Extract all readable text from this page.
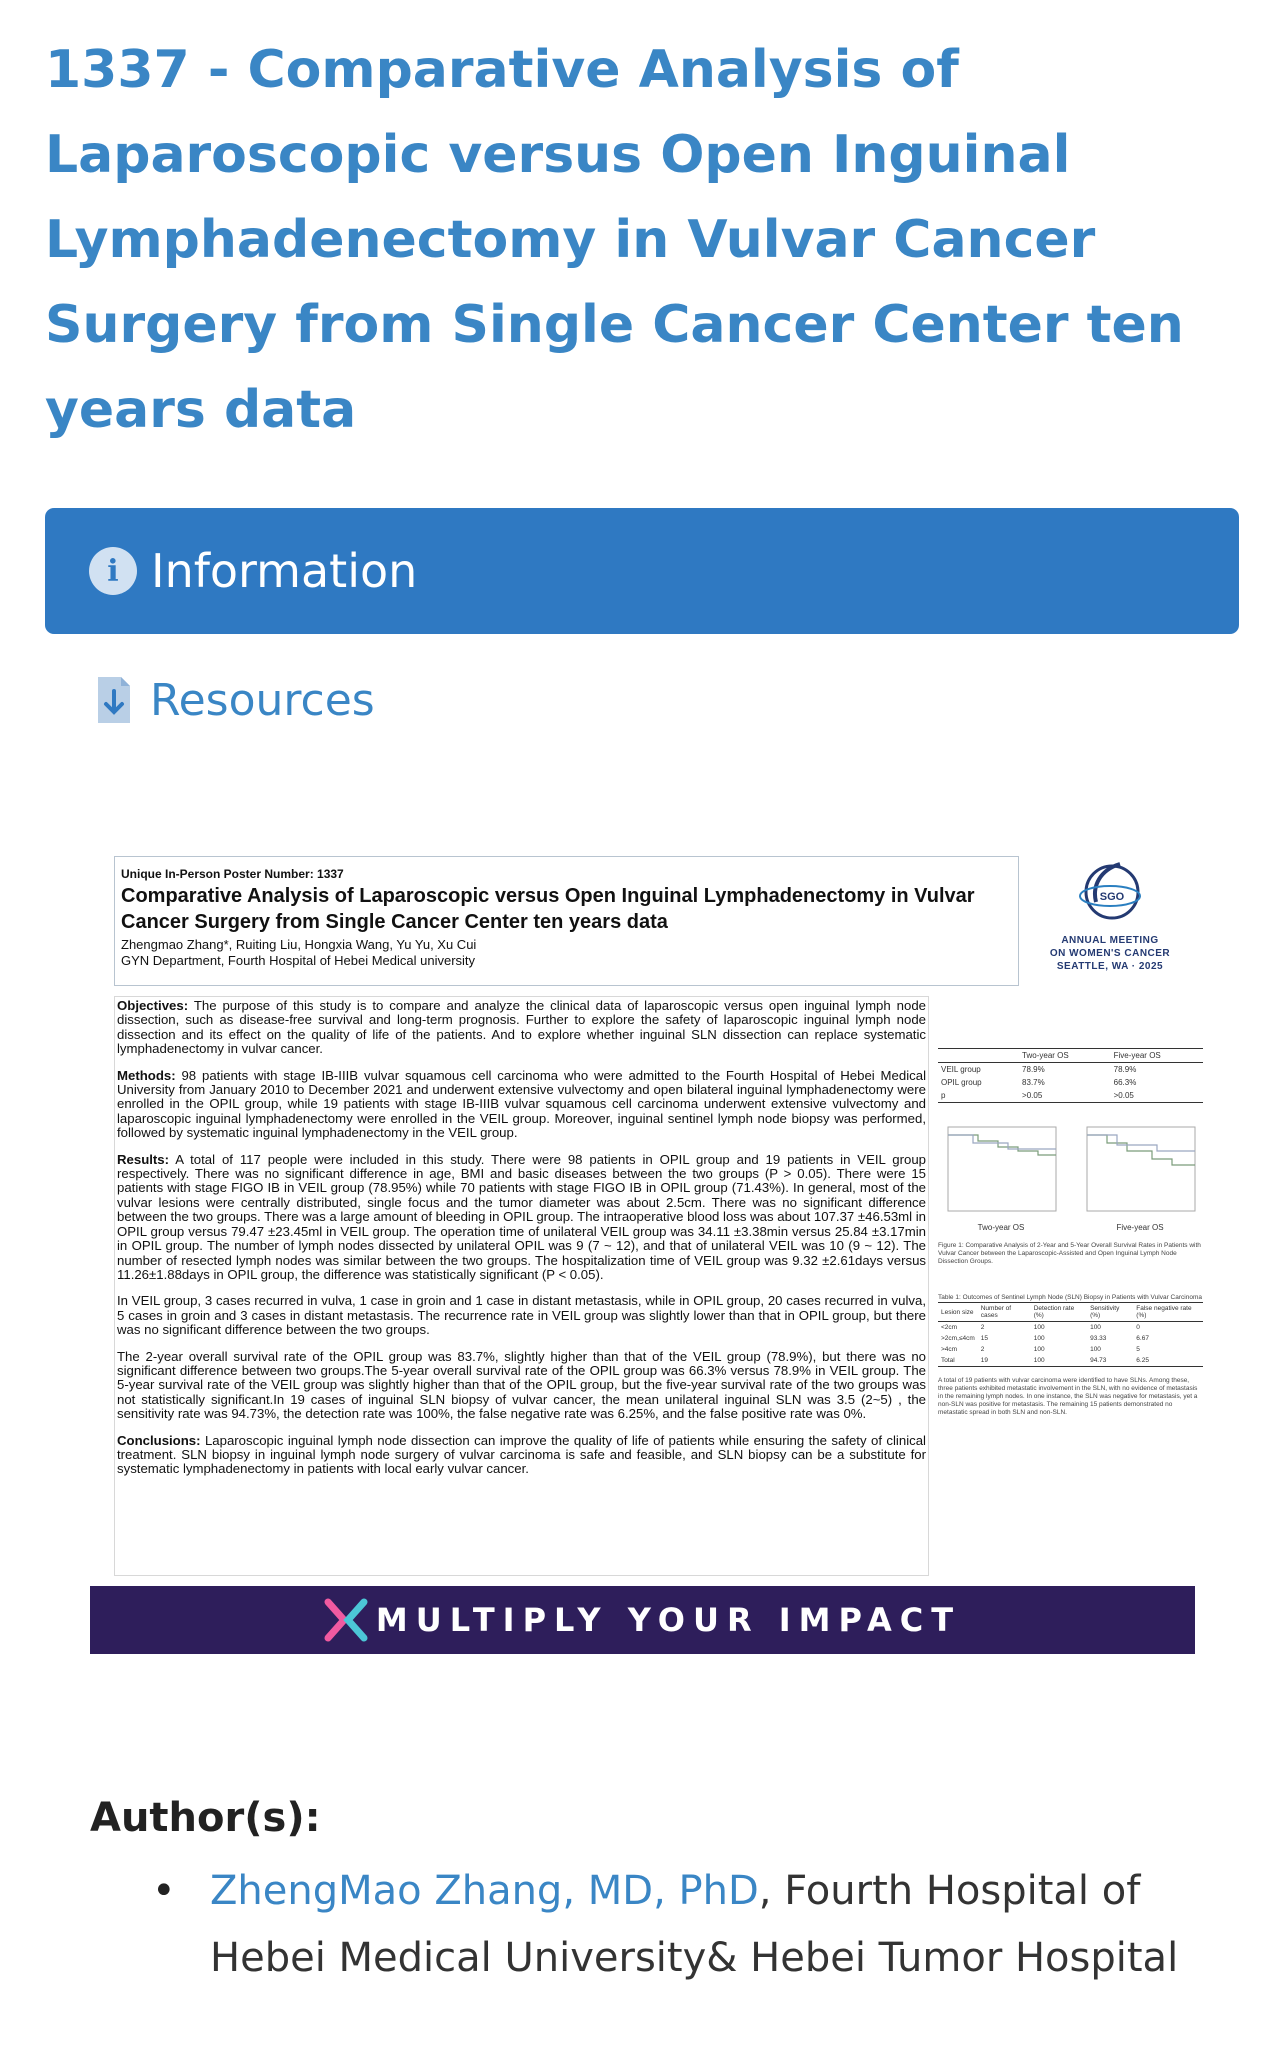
1337 - Comparative Analysis of Laparoscopic versus Open Inguinal Lymphadenectomy in Vulvar Cancer Surgery from Single Cancer Center ten years data
i Information
Resources
Unique In-Person Poster Number: 1337
Comparative Analysis of Laparoscopic versus Open Inguinal Lymphadenectomy in Vulvar Cancer Surgery from Single Cancer Center ten years data
Zhengmao Zhang*, Ruiting Liu, Hongxia Wang, Yu Yu, Xu Cui
GYN Department, Fourth Hospital of Hebei Medical university
SGO
ANNUAL MEETING
ON WOMEN'S CANCER
SEATTLE, WA · 2025

Objectives: The purpose of this study is to compare and analyze the clinical data of laparoscopic versus open inguinal lymph node dissection, such as disease-free survival and long-term prognosis. Further to explore the safety of laparoscopic inguinal lymph node dissection and its effect on the quality of life of the patients. And to explore whether inguinal SLN dissection can replace systematic lymphadenectomy in vulvar cancer.

Methods: 98 patients with stage IB-IIIB vulvar squamous cell carcinoma who were admitted to the Fourth Hospital of Hebei Medical University from January 2010 to December 2021 and underwent extensive vulvectomy and open bilateral inguinal lymphadenectomy were enrolled in the OPIL group, while 19 patients with stage IB-IIIB vulvar squamous cell carcinoma underwent extensive vulvectomy and laparoscopic inguinal lymphadenectomy were enrolled in the VEIL group. Moreover, inguinal sentinel lymph node biopsy was performed, followed by systematic inguinal lymphadenectomy in the VEIL group.

Results: A total of 117 people were included in this study. There were 98 patients in OPIL group and 19 patients in VEIL group respectively. There was no significant difference in age, BMI and basic diseases between the two groups (P > 0.05). There were 15 patients with stage FIGO IB in VEIL group (78.95%) while 70 patients with stage FIGO IB in OPIL group (71.43%). In general, most of the vulvar lesions were centrally distributed, single focus and the tumor diameter was about 2.5cm. There was no significant difference between the two groups. There was a large amount of bleeding in OPIL group. The intraoperative blood loss was about 107.37 ±46.53ml in OPIL group versus 79.47 ±23.45ml in VEIL group. The operation time of unilateral VEIL group was 34.11 ±3.38min versus 25.84 ±3.17min in OPIL group. The number of lymph nodes dissected by unilateral OPIL was 9 (7 ~ 12), and that of unilateral VEIL was 10 (9 ~ 12). The number of resected lymph nodes was similar between the two groups. The hospitalization time of VEIL group was 9.32 ±2.61days versus 11.26±1.88days in OPIL group, the difference was statistically significant (P < 0.05).

In VEIL group, 3 cases recurred in vulva, 1 case in groin and 1 case in distant metastasis, while in OPIL group, 20 cases recurred in vulva, 5 cases in groin and 3 cases in distant metastasis. The recurrence rate in VEIL group was slightly lower than that in OPIL group, but there was no significant difference between the two groups.

The 2-year overall survival rate of the OPIL group was 83.7%, slightly higher than that of the VEIL group (78.9%), but there was no significant difference between two groups.The 5-year overall survival rate of the OPIL group was 66.3% versus 78.9% in VEIL group. The 5-year survival rate of the VEIL group was slightly higher than that of the OPIL group, but the five-year survival rate of the two groups was not statistically significant.In 19 cases of inguinal SLN biopsy of vulvar cancer, the mean unilateral inguinal SLN was 3.5 (2~5) , the sensitivity rate was 94.73%, the detection rate was 100%, the false negative rate was 6.25%, and the false positive rate was 0%.

Conclusions: Laparoscopic inguinal lymph node dissection can improve the quality of life of patients while ensuring the safety of clinical treatment. SLN biopsy in inguinal lymph node surgery of vulvar carcinoma is safe and feasible, and SLN biopsy can be a substitute for systematic lymphadenectomy in patients with local early vulvar cancer.

	Two-year OS	Five-year OS
VEIL group	78.9%	78.9%
OPIL group	83.7%	66.3%
p	>0.05	>0.05
Two-year OS	Five-year OS
Figure 1: Comparative Analysis of 2-Year and 5-Year Overall Survival Rates in Patients with Vulvar Cancer between the Laparoscopic-Assisted and Open Inguinal Lymph Node Dissection Groups.
Table 1: Outcomes of Sentinel Lymph Node (SLN) Biopsy in Patients with Vulvar Carcinoma
Lesion size	Number of cases	Detection rate (%)	Sensitivity (%)	False negative rate (%)
<2cm	2	100	100	0
>2cm,≤4cm	15	100	93.33	6.67
>4cm	2	100	100	5
Total	19	100	94.73	6.25
A total of 19 patients with vulvar carcinoma were identified to have SLNs. Among these, three patients exhibited metastatic involvement in the SLN, with no evidence of metastasis in the remaining lymph nodes. In one instance, the SLN was negative for metastasis, yet a non-SLN was positive for metastasis. The remaining 15 patients demonstrated no metastatic spread in both SLN and non-SLN.
MULTIPLY YOUR IMPACT
Author(s):
• ZhengMao Zhang, MD, PhD, Fourth Hospital of Hebei Medical University& Hebei Tumor Hospital
